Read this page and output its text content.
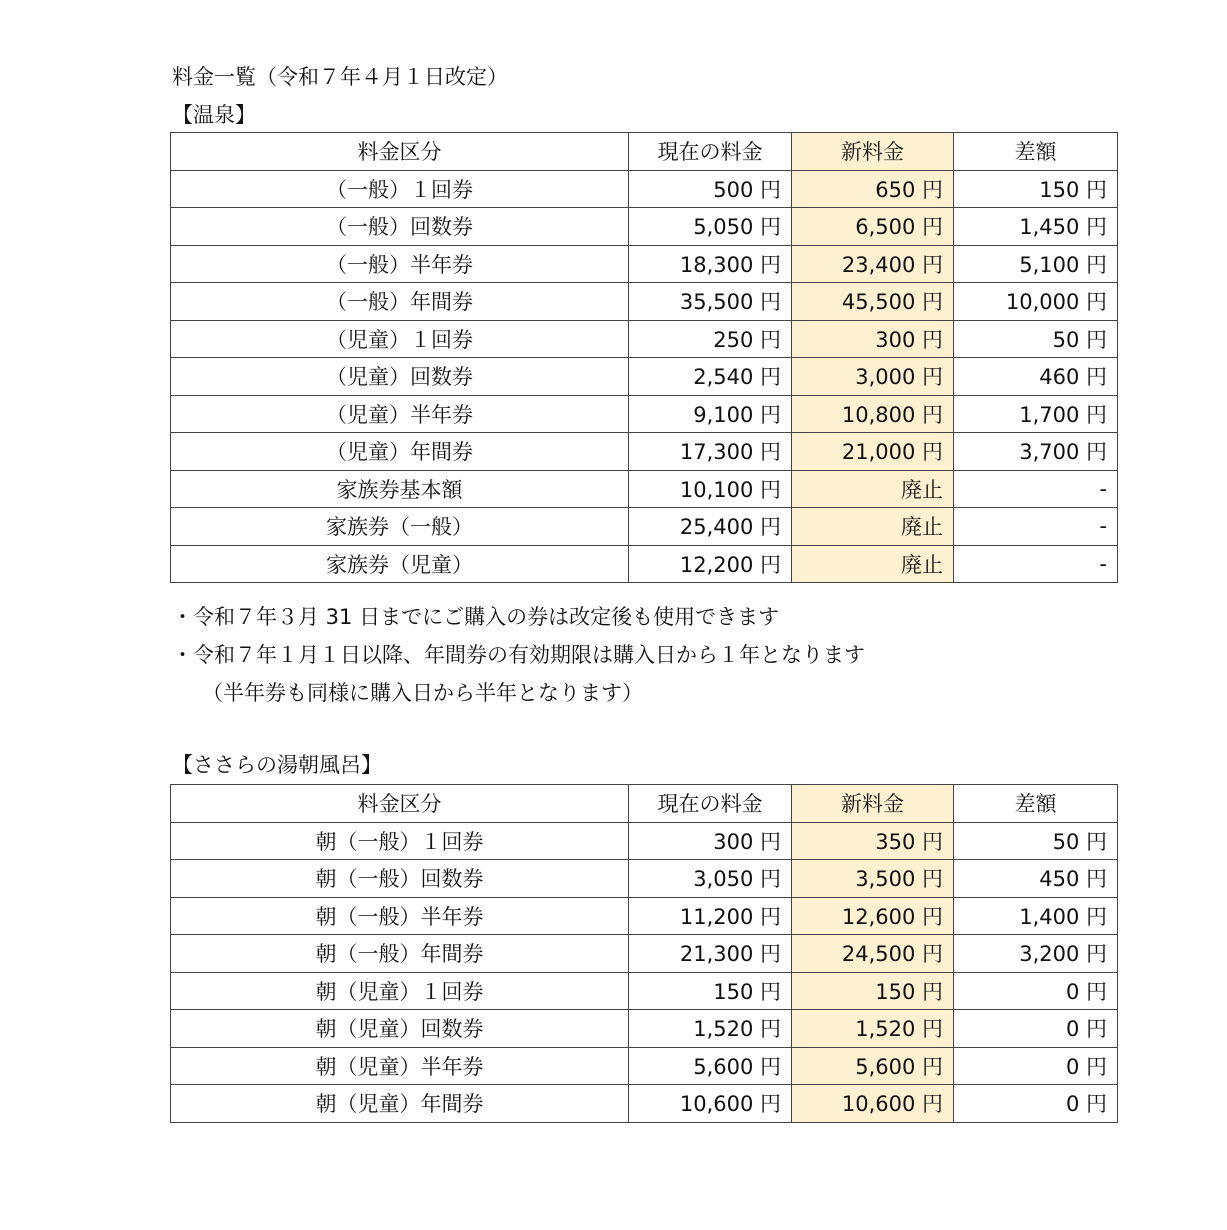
料金一覧（令和７年４月１日改定）
【温泉】
料金区分	現在の料金	新料金	差額
（一般）１回券	500 円	650 円	150 円
（一般）回数券	5,050 円	6,500 円	1,450 円
（一般）半年券	18,300 円	23,400 円	5,100 円
（一般）年間券	35,500 円	45,500 円	10,000 円
（児童）１回券	250 円	300 円	50 円
（児童）回数券	2,540 円	3,000 円	460 円
（児童）半年券	9,100 円	10,800 円	1,700 円
（児童）年間券	17,300 円	21,000 円	3,700 円
家族券基本額	10,100 円	廃止	-
家族券（一般）	25,400 円	廃止	-
家族券（児童）	12,200 円	廃止	-
・令和７年３月 31 日までにご購入の券は改定後も使用できます
・令和７年１月１日以降、年間券の有効期限は購入日から１年となります
（半年券も同様に購入日から半年となります）
【ささらの湯朝風呂】
料金区分	現在の料金	新料金	差額
朝（一般）１回券	300 円	350 円	50 円
朝（一般）回数券	3,050 円	3,500 円	450 円
朝（一般）半年券	11,200 円	12,600 円	1,400 円
朝（一般）年間券	21,300 円	24,500 円	3,200 円
朝（児童）１回券	150 円	150 円	0 円
朝（児童）回数券	1,520 円	1,520 円	0 円
朝（児童）半年券	5,600 円	5,600 円	0 円
朝（児童）年間券	10,600 円	10,600 円	0 円
